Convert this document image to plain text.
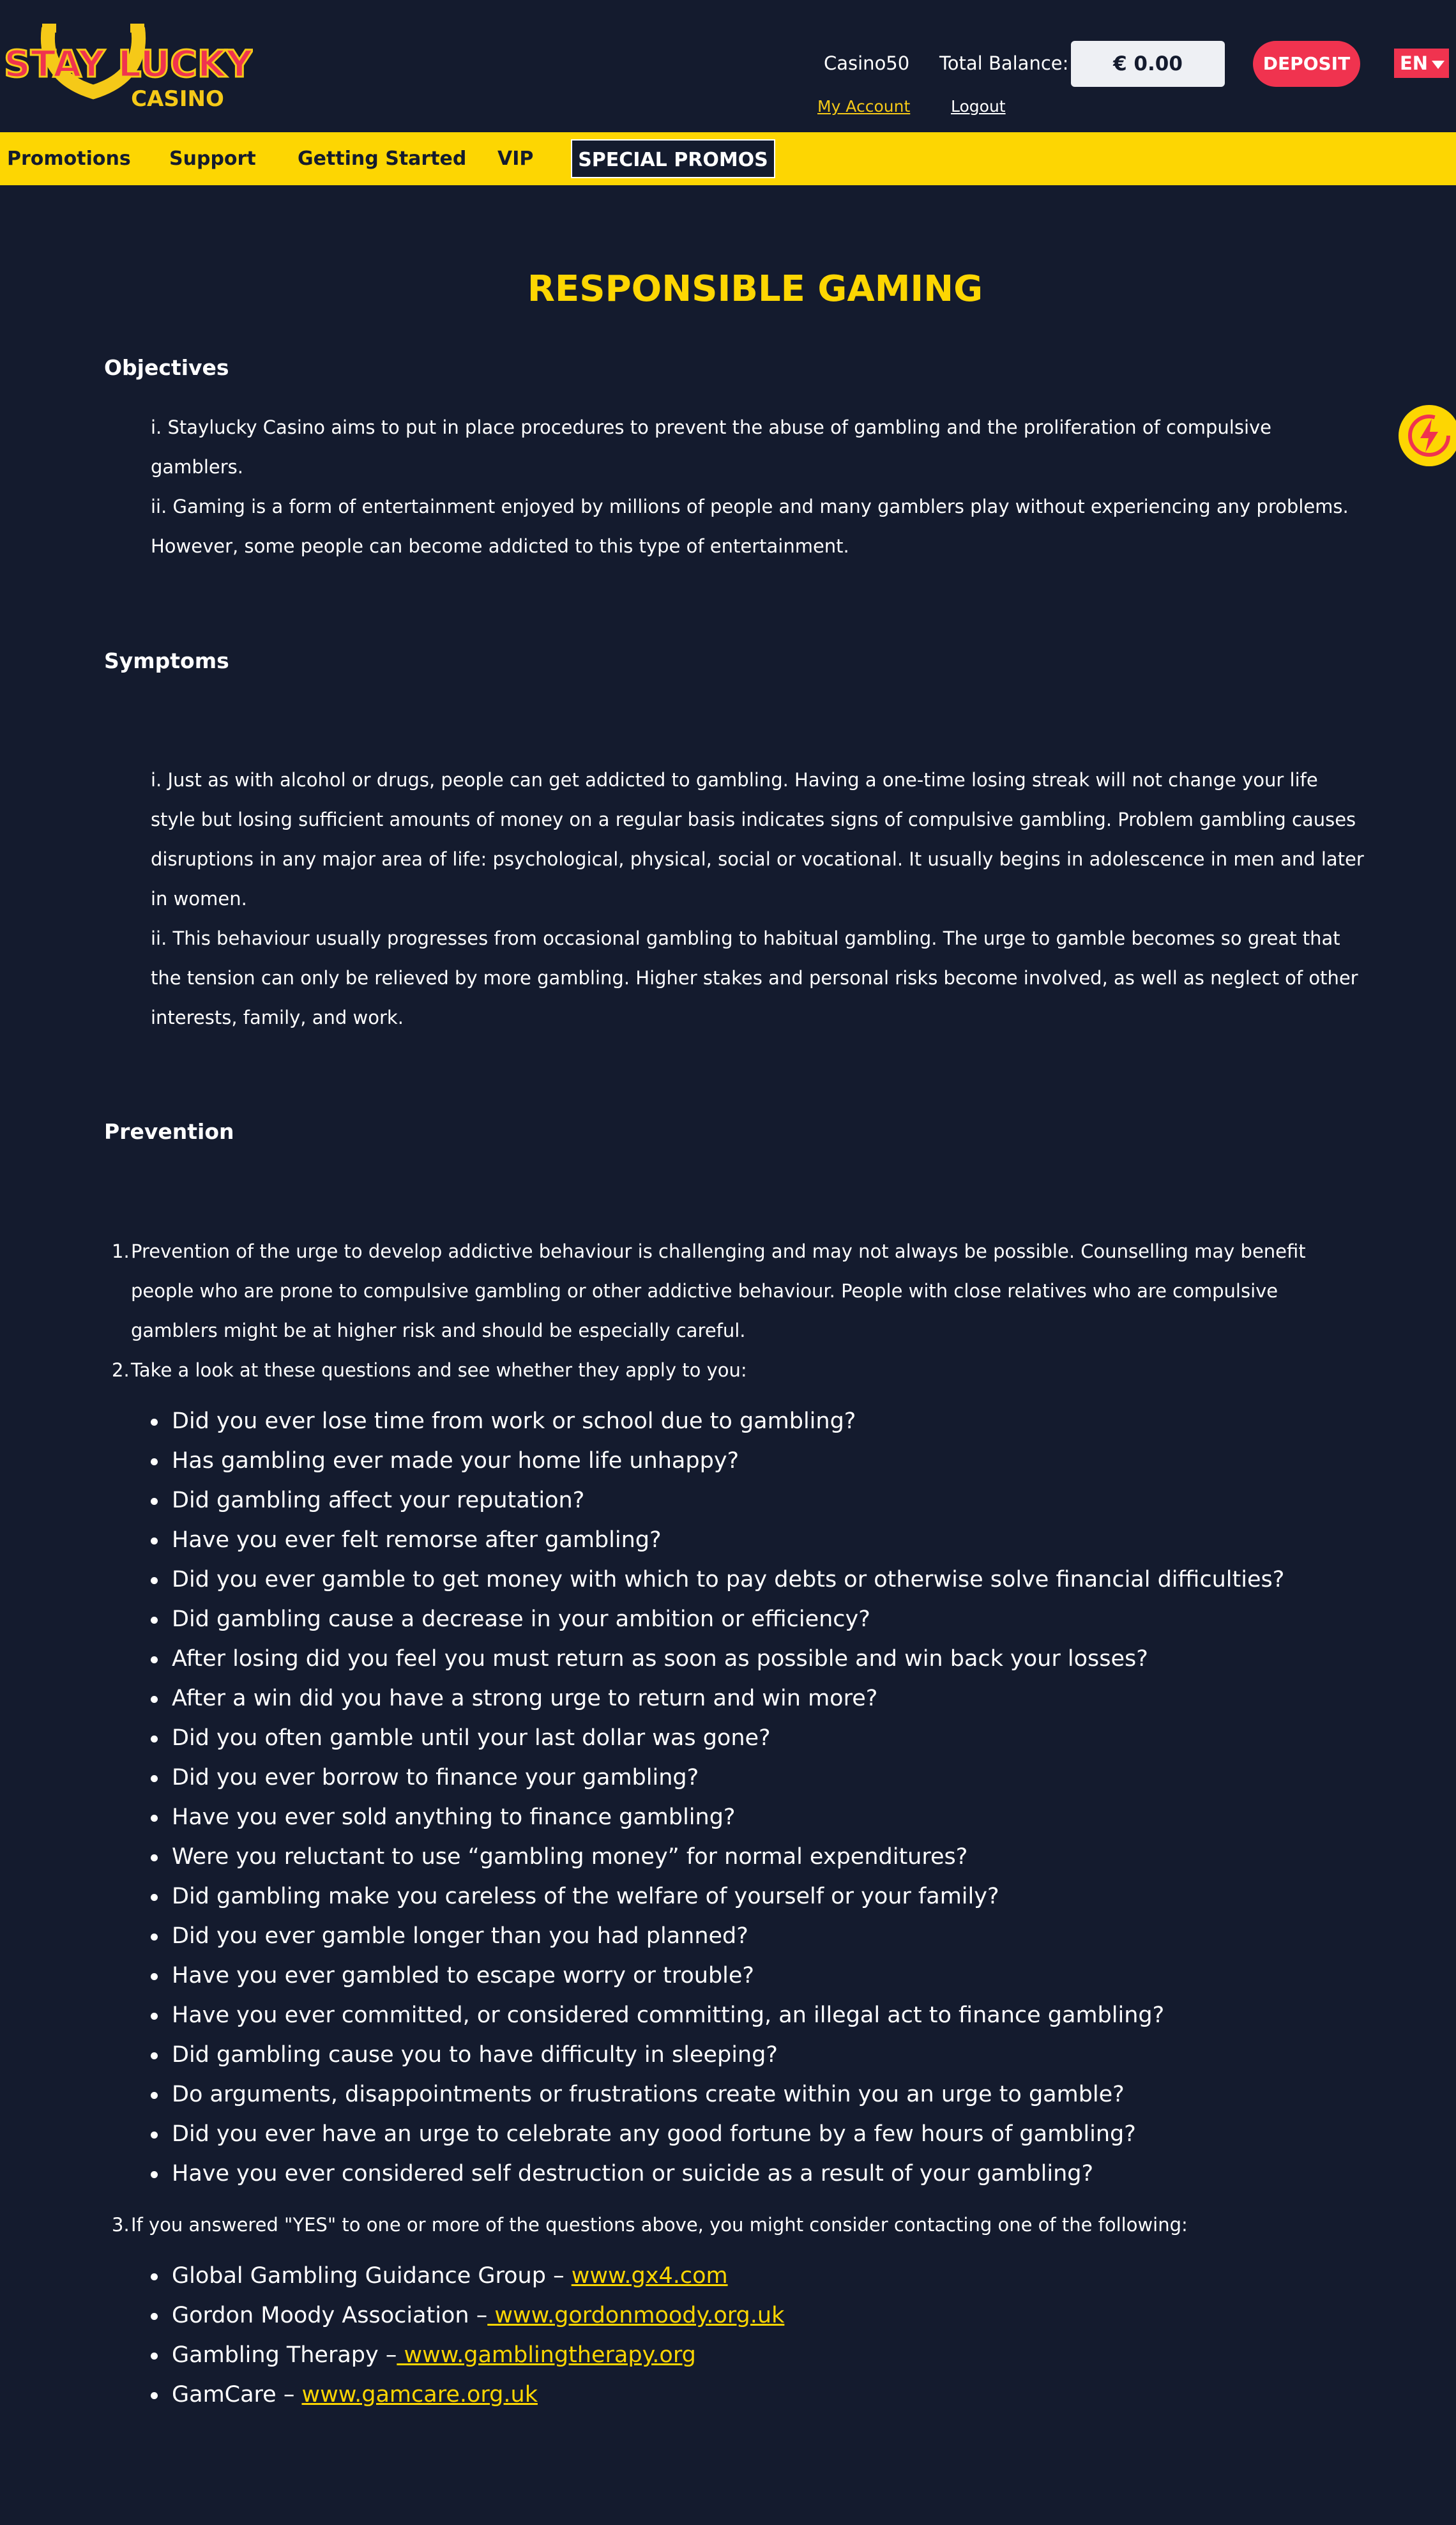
STAY LUCKY
CASINO
Casino50 Total Balance:	€ 0.00	DEPOSIT	EN
My Account	Logout
Promotions Support Getting Started VIP	SPECIAL PROMOS
RESPONSIBLE GAMING
Objectives

i. Staylucky Casino aims to put in place procedures to prevent the abuse of gambling and the proliferation of compulsive gamblers.

ii. Gaming is a form of entertainment enjoyed by millions of people and many gamblers play without experiencing any problems. However, some people can become addicted to this type of entertainment.

Symptoms

i. Just as with alcohol or drugs, people can get addicted to gambling. Having a one-time losing streak will not change your life style but losing sufficient amounts of money on a regular basis indicates signs of compulsive gambling. Problem gambling causes disruptions in any major area of life: psychological, physical, social or vocational. It usually begins in adolescence in men and later in women.

ii. This behaviour usually progresses from occasional gambling to habitual gambling. The urge to gamble becomes so great that the tension can only be relieved by more gambling. Higher stakes and personal risks become involved, as well as neglect of other interests, family, and work.

Prevention
1. Prevention of the urge to develop addictive behaviour is challenging and may not always be possible. Counselling may benefit people who are prone to compulsive gambling or other addictive behaviour. People with close relatives who are compulsive gamblers might be at higher risk and should be especially careful.
2. Take a look at these questions and see whether they apply to you:
Did you ever lose time from work or school due to gambling?
Has gambling ever made your home life unhappy?
Did gambling affect your reputation?
Have you ever felt remorse after gambling?
Did you ever gamble to get money with which to pay debts or otherwise solve financial difficulties?
Did gambling cause a decrease in your ambition or efficiency?
After losing did you feel you must return as soon as possible and win back your losses?
After a win did you have a strong urge to return and win more?
Did you often gamble until your last dollar was gone?
Did you ever borrow to finance your gambling?
Have you ever sold anything to finance gambling?
Were you reluctant to use “gambling money” for normal expenditures?
Did gambling make you careless of the welfare of yourself or your family?
Did you ever gamble longer than you had planned?
Have you ever gambled to escape worry or trouble?
Have you ever committed, or considered committing, an illegal act to finance gambling?
Did gambling cause you to have difficulty in sleeping?
Do arguments, disappointments or frustrations create within you an urge to gamble?
Did you ever have an urge to celebrate any good fortune by a few hours of gambling?
Have you ever considered self destruction or suicide as a result of your gambling?
3. If you answered "YES" to one or more of the questions above, you might consider contacting one of the following:
Global Gambling Guidance Group – www.gx4.com
Gordon Moody Association – www.gordonmoody.org.uk
Gambling Therapy – www.gamblingtherapy.org
GamCare – www.gamcare.org.uk
